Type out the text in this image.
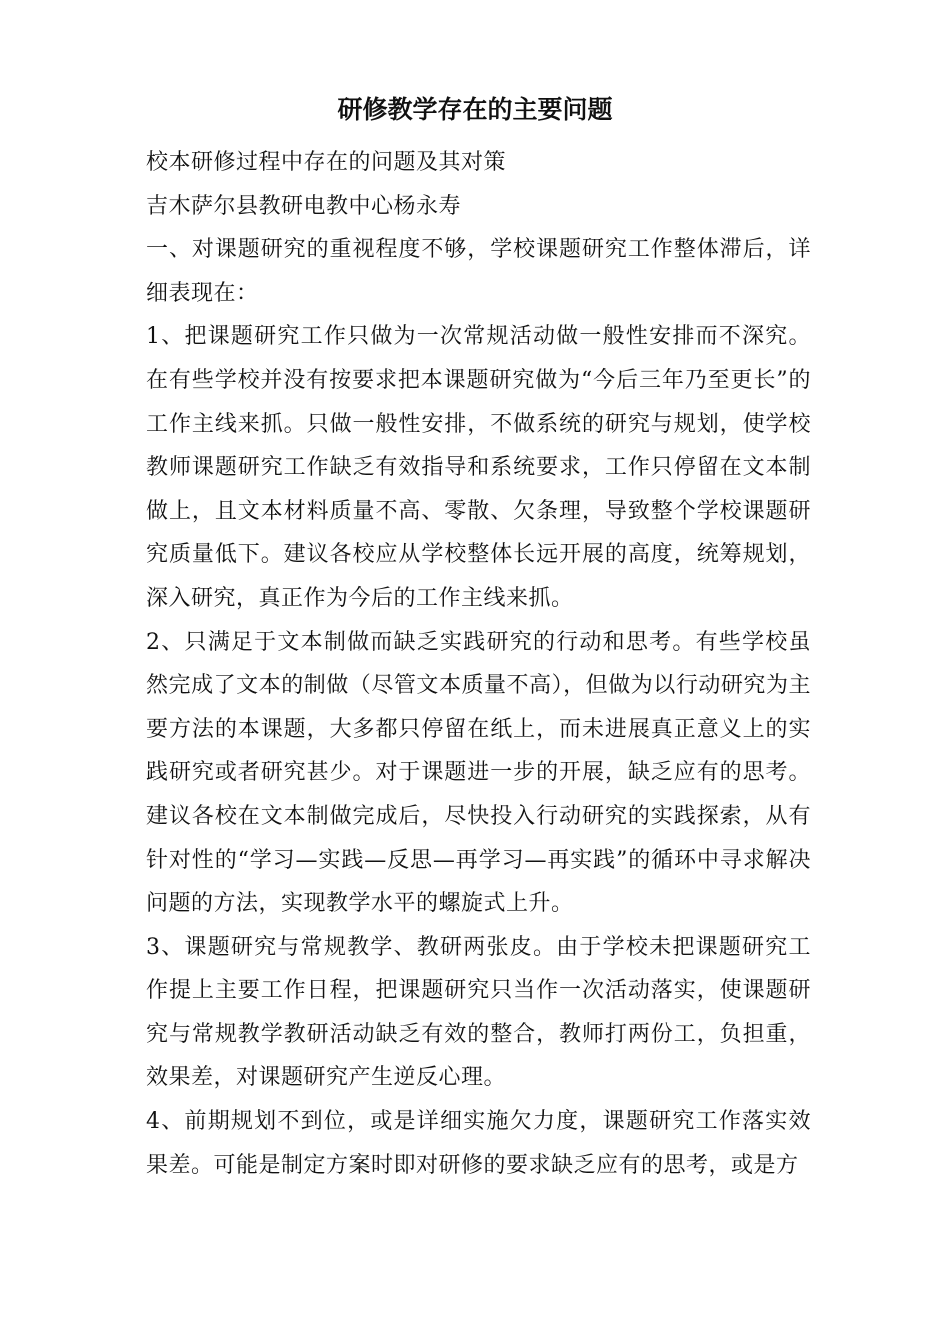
研修教学存在的主要问题

校本研修过程中存在的问题及其对策

吉木萨尔县教研电教中心杨永寿

一、对课题研究的重视程度不够，学校课题研究工作整体滞后，详细表现在：

1、把课题研究工作只做为一次常规活动做一般性安排而不深究。在有些学校并没有按要求把本课题研究做为“今后三年乃至更长”的工作主线来抓。只做一般性安排，不做系统的研究与规划，使学校教师课题研究工作缺乏有效指导和系统要求，工作只停留在文本制做上，且文本材料质量不高、零散、欠条理，导致整个学校课题研究质量低下。建议各校应从学校整体长远开展的高度，统筹规划，深入研究，真正作为今后的工作主线来抓。

2、只满足于文本制做而缺乏实践研究的行动和思考。有些学校虽然完成了文本的制做（尽管文本质量不高），但做为以行动研究为主要方法的本课题，大多都只停留在纸上，而未进展真正意义上的实践研究或者研究甚少。对于课题进一步的开展，缺乏应有的思考。建议各校在文本制做完成后，尽快投入行动研究的实践探索，从有针对性的“学习—实践—反思—再学习—再实践”的循环中寻求解决问题的方法，实现教学水平的螺旋式上升。

3、课题研究与常规教学、教研两张皮。由于学校未把课题研究工作提上主要工作日程，把课题研究只当作一次活动落实，使课题研究与常规教学教研活动缺乏有效的整合，教师打两份工，负担重，效果差，对课题研究产生逆反心理。

4、前期规划不到位，或是详细实施欠力度，课题研究工作落实效果差。可能是制定方案时即对研修的要求缺乏应有的思考，或是方
